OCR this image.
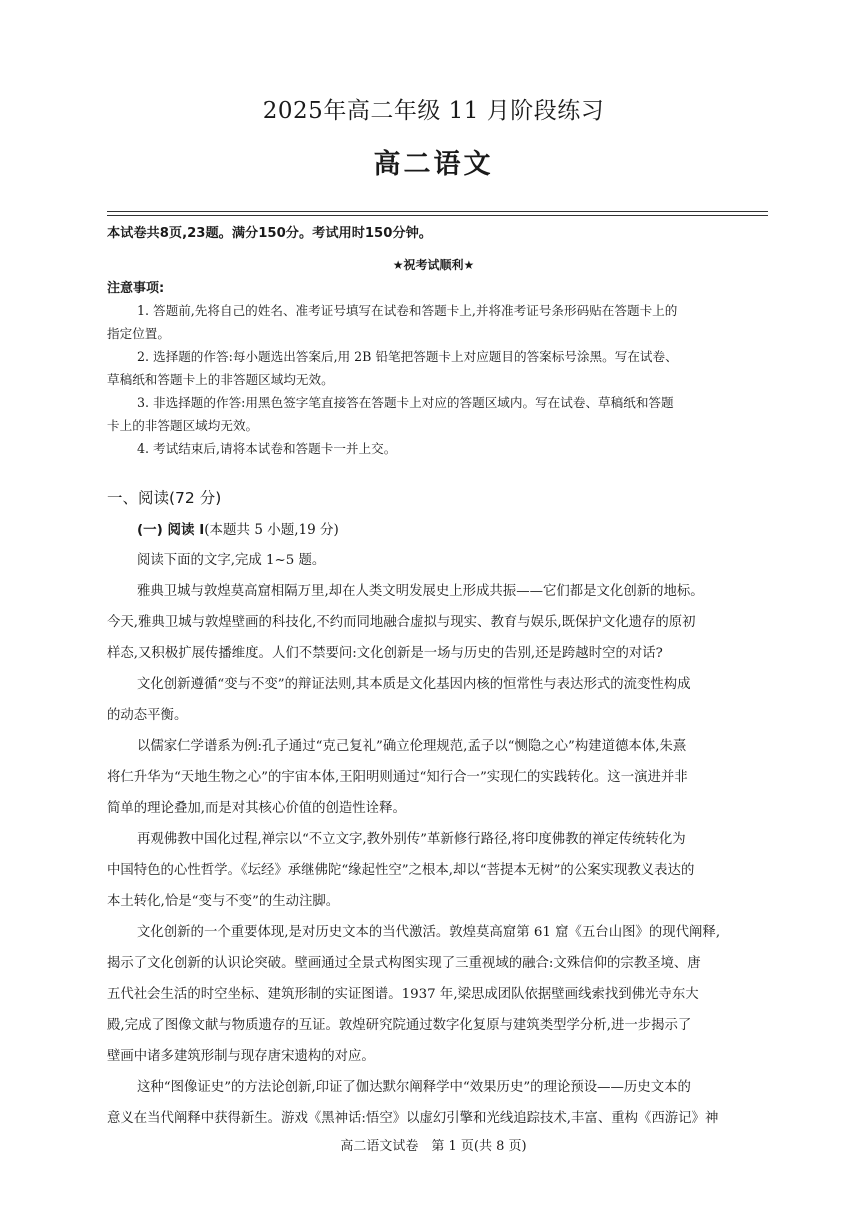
2025年高二年级 11 月阶段练习
高二语文
本试卷共8页,23题。满分150分。考试用时150分钟。
★祝考试顺利★
注意事项:
1. 答题前,先将自己的姓名、准考证号填写在试卷和答题卡上,并将准考证号条形码贴在答题卡上的
指定位置。
2. 选择题的作答:每小题选出答案后,用 2B 铅笔把答题卡上对应题目的答案标号涂黑。写在试卷、
草稿纸和答题卡上的非答题区域均无效。
3. 非选择题的作答:用黑色签字笔直接答在答题卡上对应的答题区域内。写在试卷、草稿纸和答题
卡上的非答题区域均无效。
4. 考试结束后,请将本试卷和答题卡一并上交。
一、阅读(72 分)
(一) 阅读 I(本题共 5 小题,19 分)
阅读下面的文字,完成 1~5 题。
雅典卫城与敦煌莫高窟相隔万里,却在人类文明发展史上形成共振——它们都是文化创新的地标。
今天,雅典卫城与敦煌壁画的科技化,不约而同地融合虚拟与现实、教育与娱乐,既保护文化遗存的原初
样态,又积极扩展传播维度。人们不禁要问:文化创新是一场与历史的告别,还是跨越时空的对话?
文化创新遵循“变与不变”的辩证法则,其本质是文化基因内核的恒常性与表达形式的流变性构成
的动态平衡。
以儒家仁学谱系为例:孔子通过“克己复礼”确立伦理规范,孟子以“恻隐之心”构建道德本体,朱熹
将仁升华为“天地生物之心”的宇宙本体,王阳明则通过“知行合一”实现仁的实践转化。这一演进并非
简单的理论叠加,而是对其核心价值的创造性诠释。
再观佛教中国化过程,禅宗以“不立文字,教外别传”革新修行路径,将印度佛教的禅定传统转化为
中国特色的心性哲学。《坛经》承继佛陀“缘起性空”之根本,却以“菩提本无树”的公案实现教义表达的
本土转化,恰是“变与不变”的生动注脚。
文化创新的一个重要体现,是对历史文本的当代激活。敦煌莫高窟第 61 窟《五台山图》的现代阐释,
揭示了文化创新的认识论突破。壁画通过全景式构图实现了三重视域的融合:文殊信仰的宗教圣境、唐
五代社会生活的时空坐标、建筑形制的实证图谱。1937 年,梁思成团队依据壁画线索找到佛光寺东大
殿,完成了图像文献与物质遗存的互证。敦煌研究院通过数字化复原与建筑类型学分析,进一步揭示了
壁画中诸多建筑形制与现存唐宋遗构的对应。
这种“图像证史”的方法论创新,印证了伽达默尔阐释学中“效果历史”的理论预设——历史文本的
意义在当代阐释中获得新生。游戏《黑神话:悟空》以虚幻引擎和光线追踪技术,丰富、重构《西游记》神
高二语文试卷　第 1 页(共 8 页)
